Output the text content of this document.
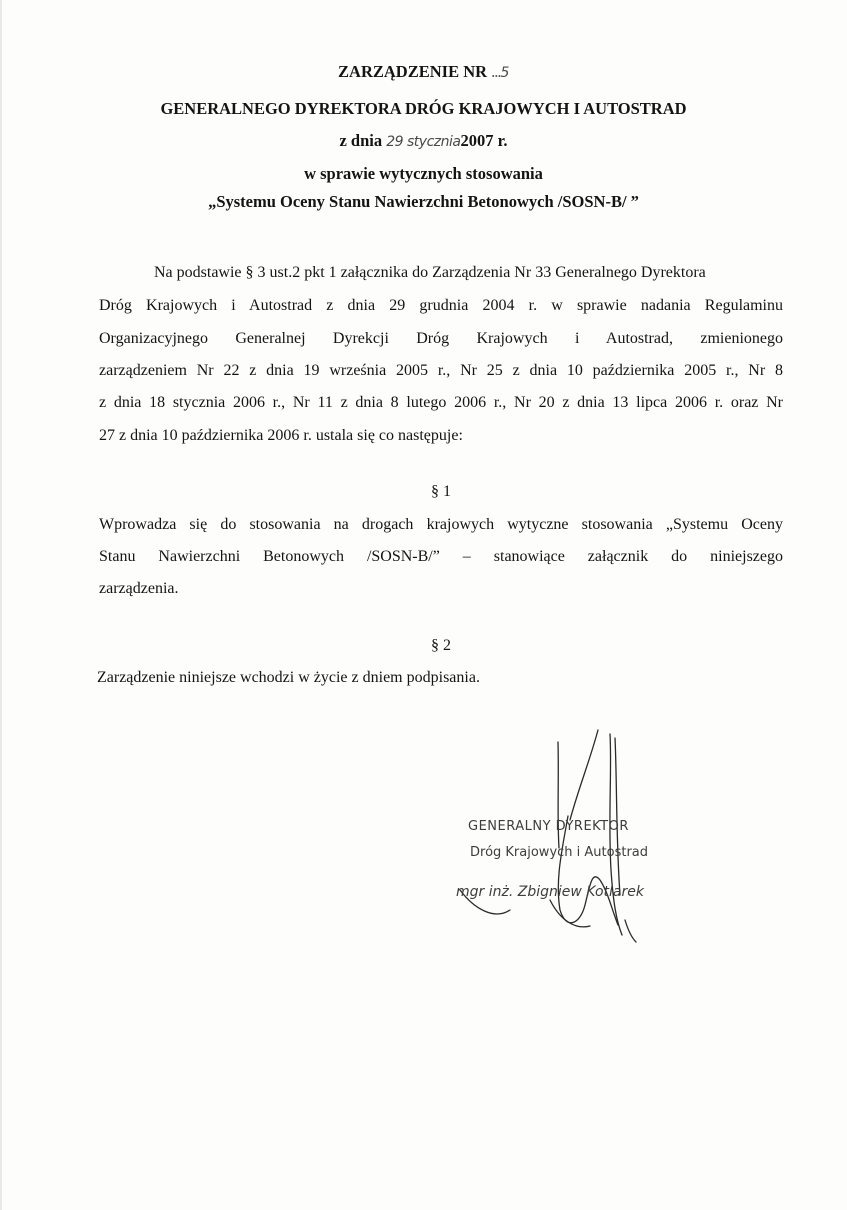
ZARZĄDZENIE NR ...5
GENERALNEGO DYREKTORA DRÓG KRAJOWYCH I AUTOSTRAD
z dnia 29 stycznia2007 r.
w sprawie wytycznych stosowania
„Systemu Oceny Stanu Nawierzchni Betonowych /SOSN-B/ ”
Na podstawie § 3 ust.2 pkt 1 załącznika do Zarządzenia Nr 33 Generalnego Dyrektora
Dróg Krajowych i Autostrad z dnia 29 grudnia 2004 r. w sprawie nadania Regulaminu
Organizacyjnego Generalnej Dyrekcji Dróg Krajowych i Autostrad, zmienionego
zarządzeniem Nr 22 z dnia 19 września 2005 r., Nr 25 z dnia 10 października 2005 r., Nr 8
z dnia 18 stycznia 2006 r., Nr 11 z dnia 8 lutego 2006 r., Nr 20 z dnia 13 lipca 2006 r. oraz Nr
27 z dnia 10 października 2006 r. ustala się co następuje:
§ 1
Wprowadza się do stosowania na drogach krajowych wytyczne stosowania „Systemu Oceny
Stanu Nawierzchni Betonowych /SOSN-B/” – stanowiące załącznik do niniejszego
zarządzenia.
§ 2
Zarządzenie niniejsze wchodzi w życie z dniem podpisania.
GENERALNY DYREKTOR
Dróg Krajowych i Autostrad
mgr inż. Zbigniew Kotlarek
